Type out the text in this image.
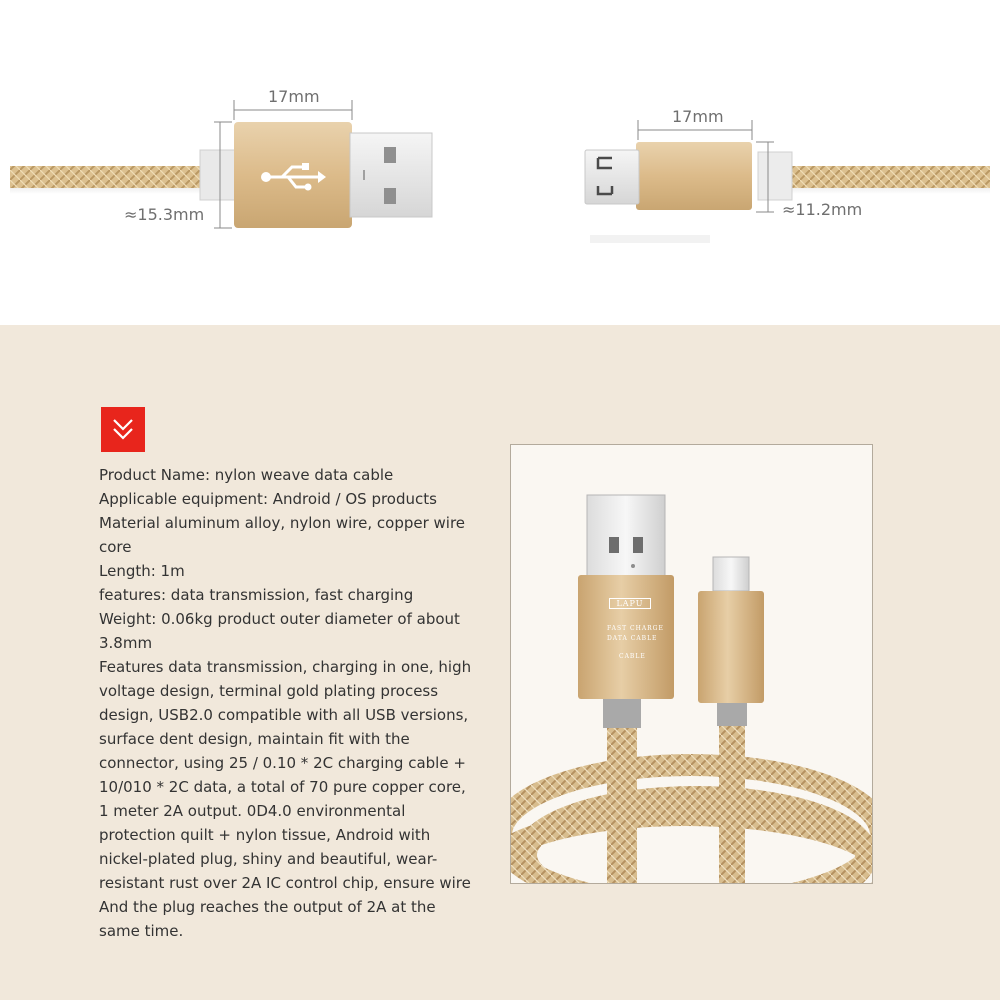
17mm
≈15.3mm
17mm
≈11.2mm

Product Name: nylon weave data cable
Applicable equipment: Android / OS products
Material aluminum alloy, nylon wire, copper wire core
Length: 1m
features: data transmission, fast charging
Weight: 0.06kg product outer diameter of about 3.8mm
Features data transmission, charging in one, high voltage design, terminal gold plating process design, USB2.0 compatible with all USB versions, surface dent design, maintain fit with the connector, using 25 / 0.10 * 2C charging cable + 10/010 * 2C data, a total of 70 pure copper core, 1 meter 2A output. 0D4.0 environmental protection quilt + nylon tissue, Android with nickel-plated plug, shiny and beautiful, wear-resistant rust over 2A IC control chip, ensure wire And the plug reaches the output of 2A at the same time.

LAPU
FAST CHARGE
DATA CABLE
CABLE
